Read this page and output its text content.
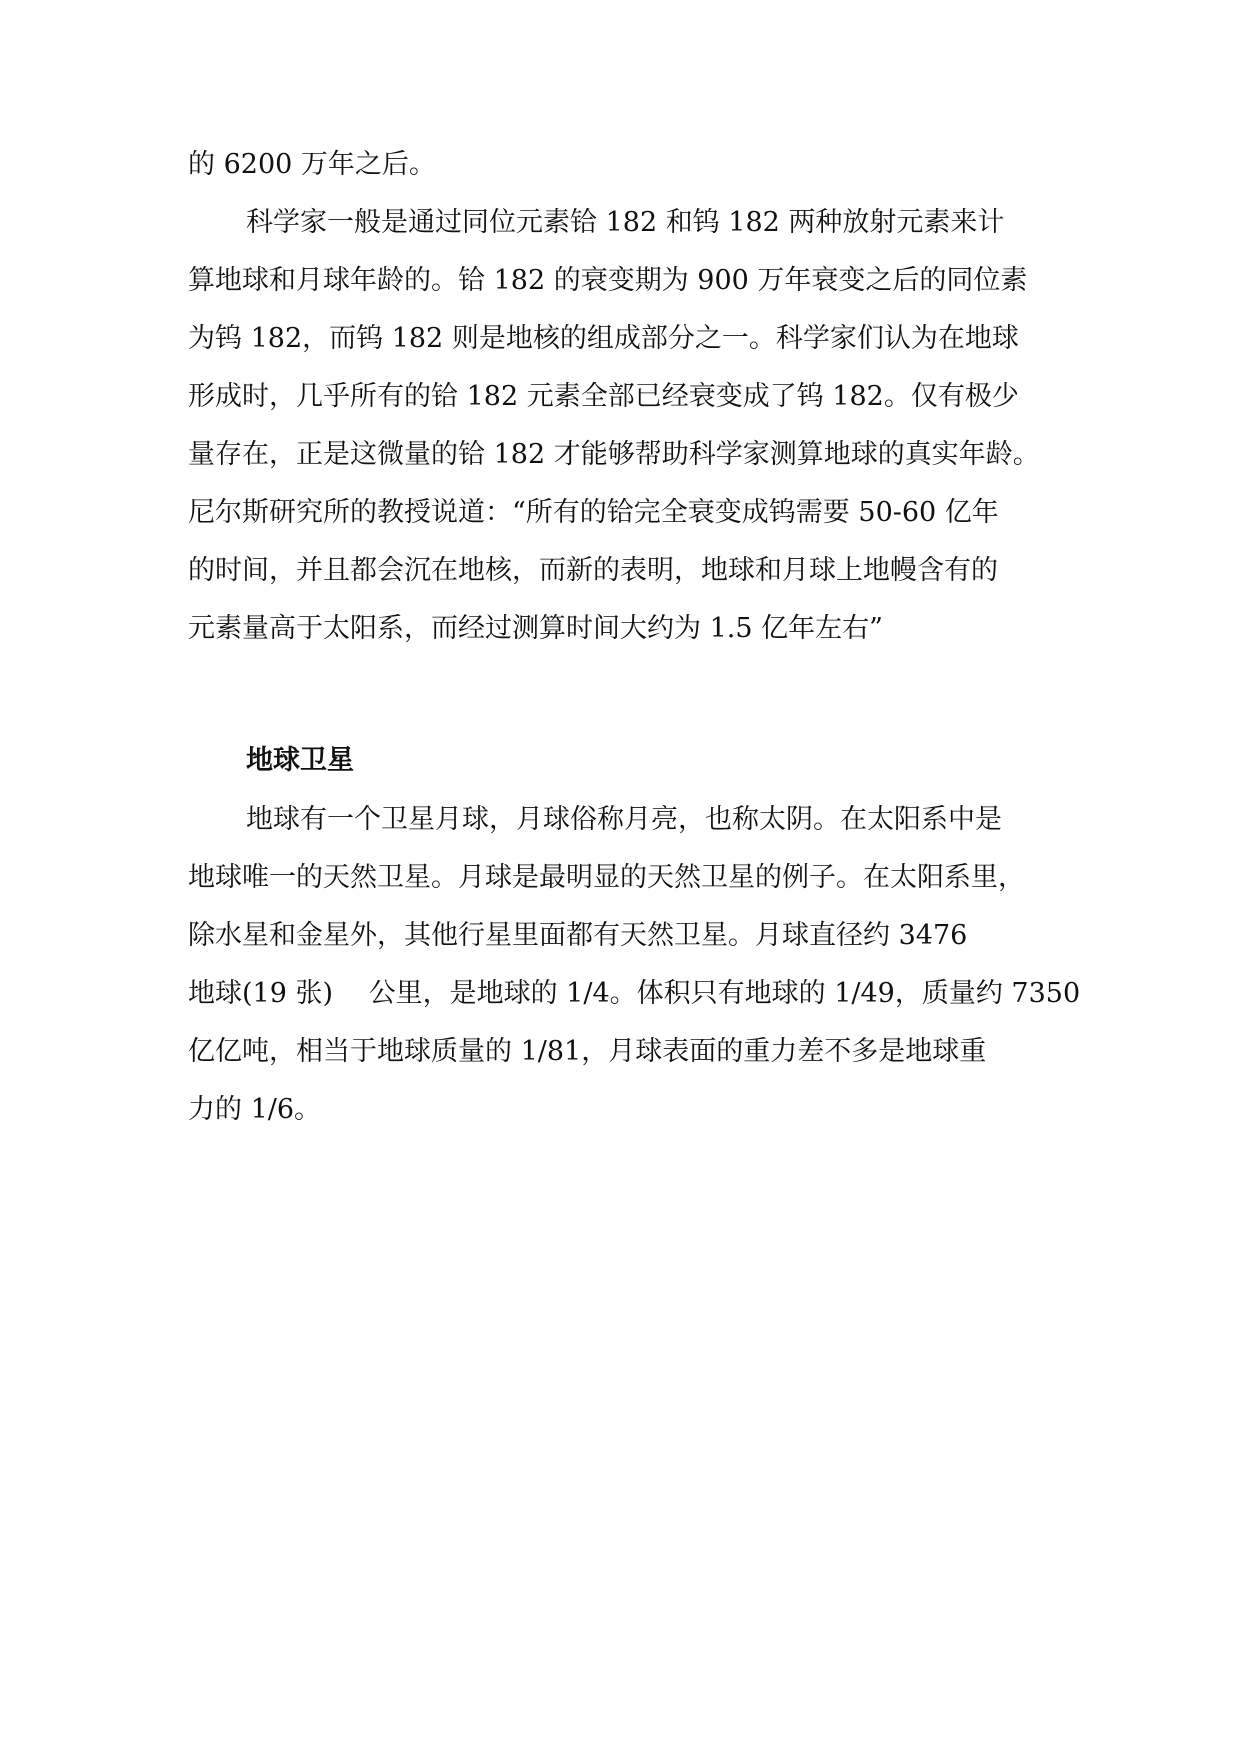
的 6200 万年之后。
科学家一般是通过同位元素铪 182 和钨 182 两种放射元素来计
算地球和月球年龄的。铪 182 的衰变期为 900 万年衰变之后的同位素
为钨 182，而钨 182 则是地核的组成部分之一。科学家们认为在地球
形成时，几乎所有的铪 182 元素全部已经衰变成了钨 182。仅有极少
量存在，正是这微量的铪 182 才能够帮助科学家测算地球的真实年龄。
尼尔斯研究所的教授说道：“所有的铪完全衰变成钨需要 50-60 亿年
的时间，并且都会沉在地核，而新的表明，地球和月球上地幔含有的
元素量高于太阳系，而经过测算时间大约为 1.5 亿年左右”
地球卫星
地球有一个卫星月球，月球俗称月亮，也称太阴。在太阳系中是
地球唯一的天然卫星。月球是最明显的天然卫星的例子。在太阳系里，
除水星和金星外，其他行星里面都有天然卫星。月球直径约 3476
地球(19 张)　 公里，是地球的 1/4。体积只有地球的 1/49，质量约 7350
亿亿吨，相当于地球质量的 1/81，月球表面的重力差不多是地球重
力的 1/6。
